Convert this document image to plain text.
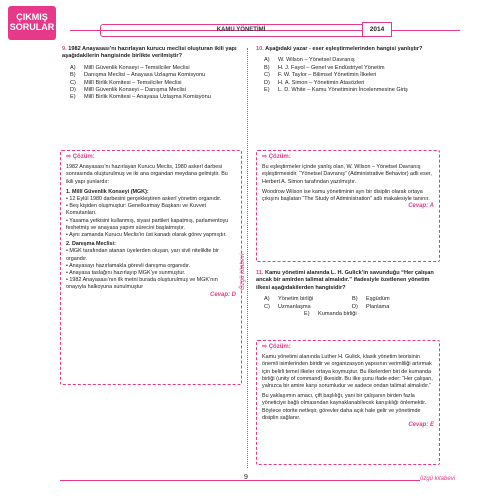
ÇIKMIŞ
SORULAR	KAMU YÖNETİMİ	2014
Özgü kitabevi
9. 1982 Anayasası’nı hazırlayan kurucu meclisi oluşturan ikili yapı aşağıdakilerin hangisinde birlikte verilmiştir?
A) Millî Güvenlik Konseyi – Temsilciler Meclisi
B) Danışma Meclisi – Anayasa Uzlaşma Komisyonu
C) Millî Birlik Komitesi – Temsilciler Meclisi
D) Millî Güvenlik Konseyi – Danışma Meclisi
E) Millî Birlik Komitesi – Anayasa Uzlaşma Komisyonu
⇨ Çözüm:
1982 Anayasası’nı hazırlayan Kurucu Meclis, 1980 askerî darbesi sonrasında oluşturulmuş ve iki ana organdan meydana gelmiştir. Bu ikili yapı şunlardır:
1. Millî Güvenlik Konseyi (MGK):
• 12 Eylül 1980 darbesini gerçekleştiren askerî yönetim organıdır.
• Beş kişiden oluşmuştur: Genelkurmay Başkanı ve Kuvvet Komutanları.
• Yasama yetkisini kullanmış, siyasi partileri kapatmış, parlamentoyu feshetmiş ve anayasa yapım sürecini başlatmıştır.
• Aynı zamanda Kurucu Meclis’in üst kanadı olarak görev yapmıştır.
2. Danışma Meclisi:
• MGK tarafından atanan üyelerden oluşan, yarı sivil niteliklte bir organdır.
• Anayasayı hazırlamakla görevli danışma organıdır.
• Anayasa taslağını hazırlayıp MGK’ye sunmuştur.
• 1982 Anayasası’nın ilk metni burada oluşturulmuş ve MGK’nın onayıyla halkoyuna sunulmuştur
Cevap: D
10. Aşağıdaki yazar - eser eşleştirmelerinden hangisi yanlıştır?
A) W. Wilson – Yönetsel Davranış
B) H. J. Fayol – Genel ve Endüstriyel Yönetim
C) F. W. Taylor – Bilimsel Yönetimin İlkeleri
D) H. A. Simon – Yönetimin Atasözleri
E) L. D. White – Kamu Yönetiminin İncelenmesine Giriş
⇨ Çözüm:
Bu eşleştirmeler içinde yanlış olan, W. Wilson – Yönetsel Davranış eşleştirmesidir. “Yönetsel Davranış” (Administrative Behavior) adlı eser, Herbert A. Simon tarafından yazılmıştır.
Woodrow Wilson ise kamu yönetiminin ayrı bir disiplin olarak ortaya çıkışını başlatan “The Study of Administration” adlı makalesiyle tanınır.
Cevap: A
11. Kamu yönetimi alanında L. H. Gulick’in savunduğu “Her çalışan ancak bir amirden talimat almalıdır.” ifadesiyle özetlenen yönetim ilkesi aşağıdakilerden hangisidir?
A) Yönetim birliği	B) Eşgüdüm
C) Uzmanlaşma	D) Planlama
E) Kumanda birliği
⇨ Çözüm:
Kamu yönetimi alanında Luther H. Gulick, klasik yönetim teorisinin önemli isimlerinden biridir ve organizasyon yapısının verimliliği artırmak için belirli temel ilkeler ortaya koymuştur. Bu ilkelerden biri de kumanda birliği (unity of command) ilkesidir. Bu ilke şunu ifade eder: “Her çalışan, yalnızca bir amire karşı sorumludur ve sadece ondan talimat almalıdır.”
Bu yaklaşımın amacı, çift başlılığı, yani bir çalışanın birden fazla yöneticiye bağlı olmasından kaynaklanabilecek karışıklığı önlemektir. Böylece otorite netleşir, görevler daha açık hale gelir ve yönetimde disiplin sağlanır.
Cevap: E
9	özgü kitabevi
